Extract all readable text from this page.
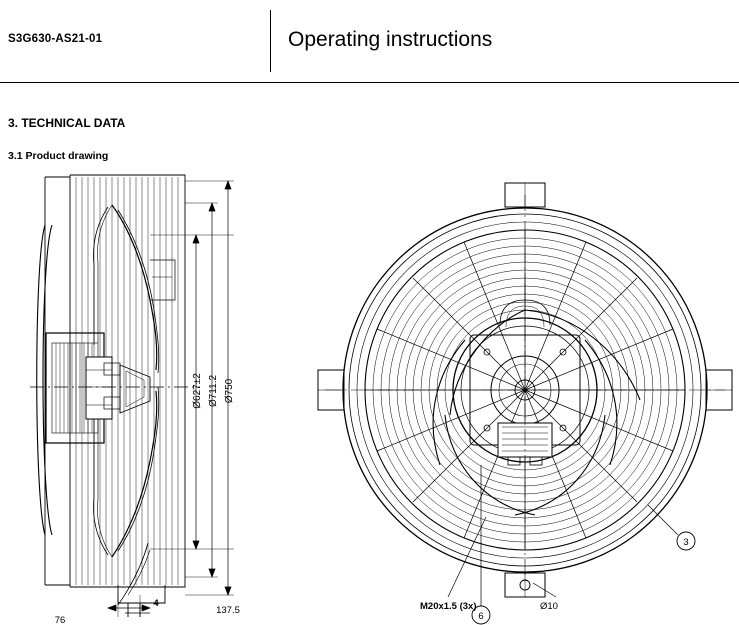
S3G630-AS21-01	Operating instructions
3. TECHNICAL DATA
3.1 Product drawing
137.5
76
4
Ø627±2 Ø711.2 Ø750
3
6
M20x1.5 (3x)	Ø10
